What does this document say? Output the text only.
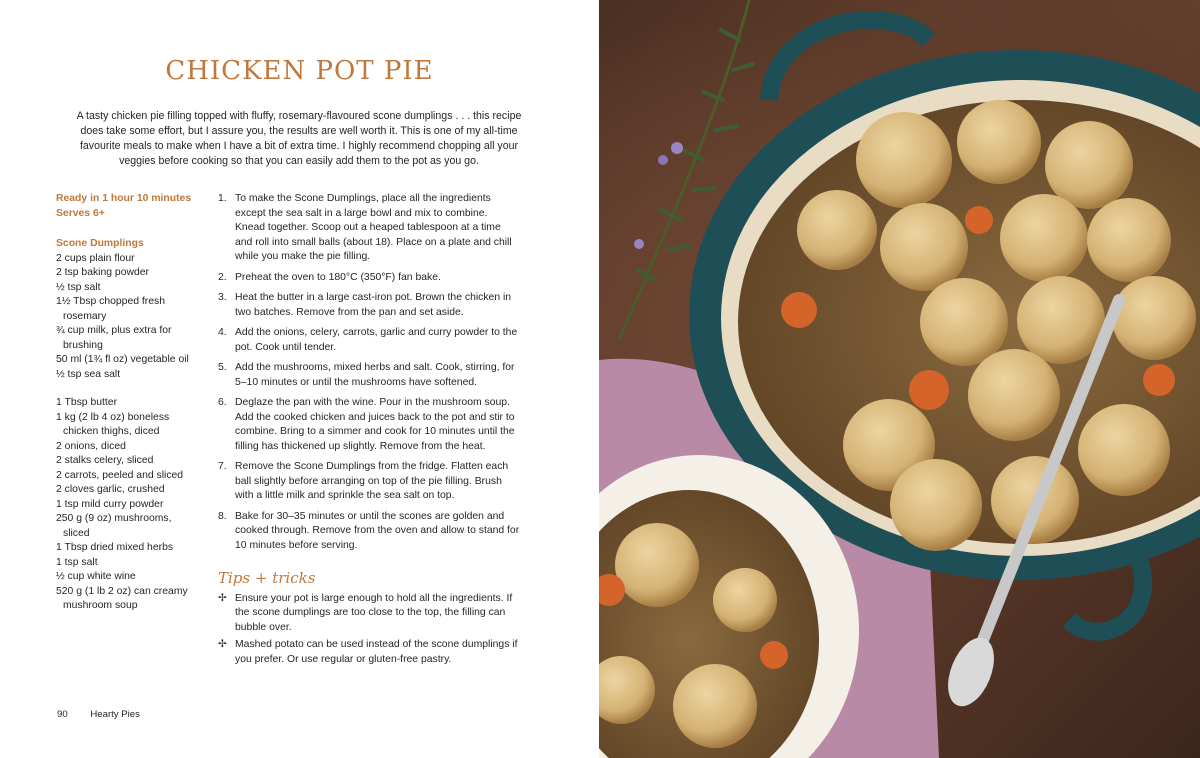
CHICKEN POT PIE

A tasty chicken pie filling topped with fluffy, rosemary-flavoured scone dumplings . . . this recipe does take some effort, but I assure you, the results are well worth it. This is one of my all-time favourite meals to make when I have a bit of extra time. I highly recommend chopping all your veggies before cooking so that you can easily add them to the pot as you go.

Ready in 1 hour 10 minutes

Serves 6+

Scone Dumplings

2 cups plain flour

2 tsp baking powder

½ tsp salt

1½ Tbsp chopped fresh

rosemary

¾ cup milk, plus extra for

brushing

50 ml (1¾ fl oz) vegetable oil

½ tsp sea salt

1 Tbsp butter

1 kg (2 lb 4 oz) boneless

chicken thighs, diced

2 onions, diced

2 stalks celery, sliced

2 carrots, peeled and sliced

2 cloves garlic, crushed

1 tsp mild curry powder

250 g (9 oz) mushrooms,

sliced

1 Tbsp dried mixed herbs

1 tsp salt

½ cup white wine

520 g (1 lb 2 oz) can creamy

mushroom soup

1. To make the Scone Dumplings, place all the ingredients except the sea salt in a large bowl and mix to combine. Knead together. Scoop out a heaped tablespoon at a time and roll into small balls (about 18). Place on a plate and chill while you make the pie filling.
2. Preheat the oven to 180°C (350°F) fan bake.
3. Heat the butter in a large cast-iron pot. Brown the chicken in two batches. Remove from the pan and set aside.
4. Add the onions, celery, carrots, garlic and curry powder to the pot. Cook until tender.
5. Add the mushrooms, mixed herbs and salt. Cook, stirring, for 5–10 minutes or until the mushrooms have softened.
6. Deglaze the pan with the wine. Pour in the mushroom soup. Add the cooked chicken and juices back to the pot and stir to combine. Bring to a simmer and cook for 10 minutes until the filling has thickened up slightly. Remove from the heat.
7. Remove the Scone Dumplings from the fridge. Flatten each ball slightly before arranging on top of the pie filling. Brush with a little milk and sprinkle the sea salt on top.
8. Bake for 30–35 minutes or until the scones are golden and cooked through. Remove from the oven and allow to stand for 10 minutes before serving.
Tips + tricks
✢ Ensure your pot is large enough to hold all the ingredients. If the scone dumplings are too close to the top, the filling can bubble over.
✢ Mashed potato can be used instead of the scone dumplings if you prefer. Or use regular or gluten-free pastry.
90 Hearty Pies
